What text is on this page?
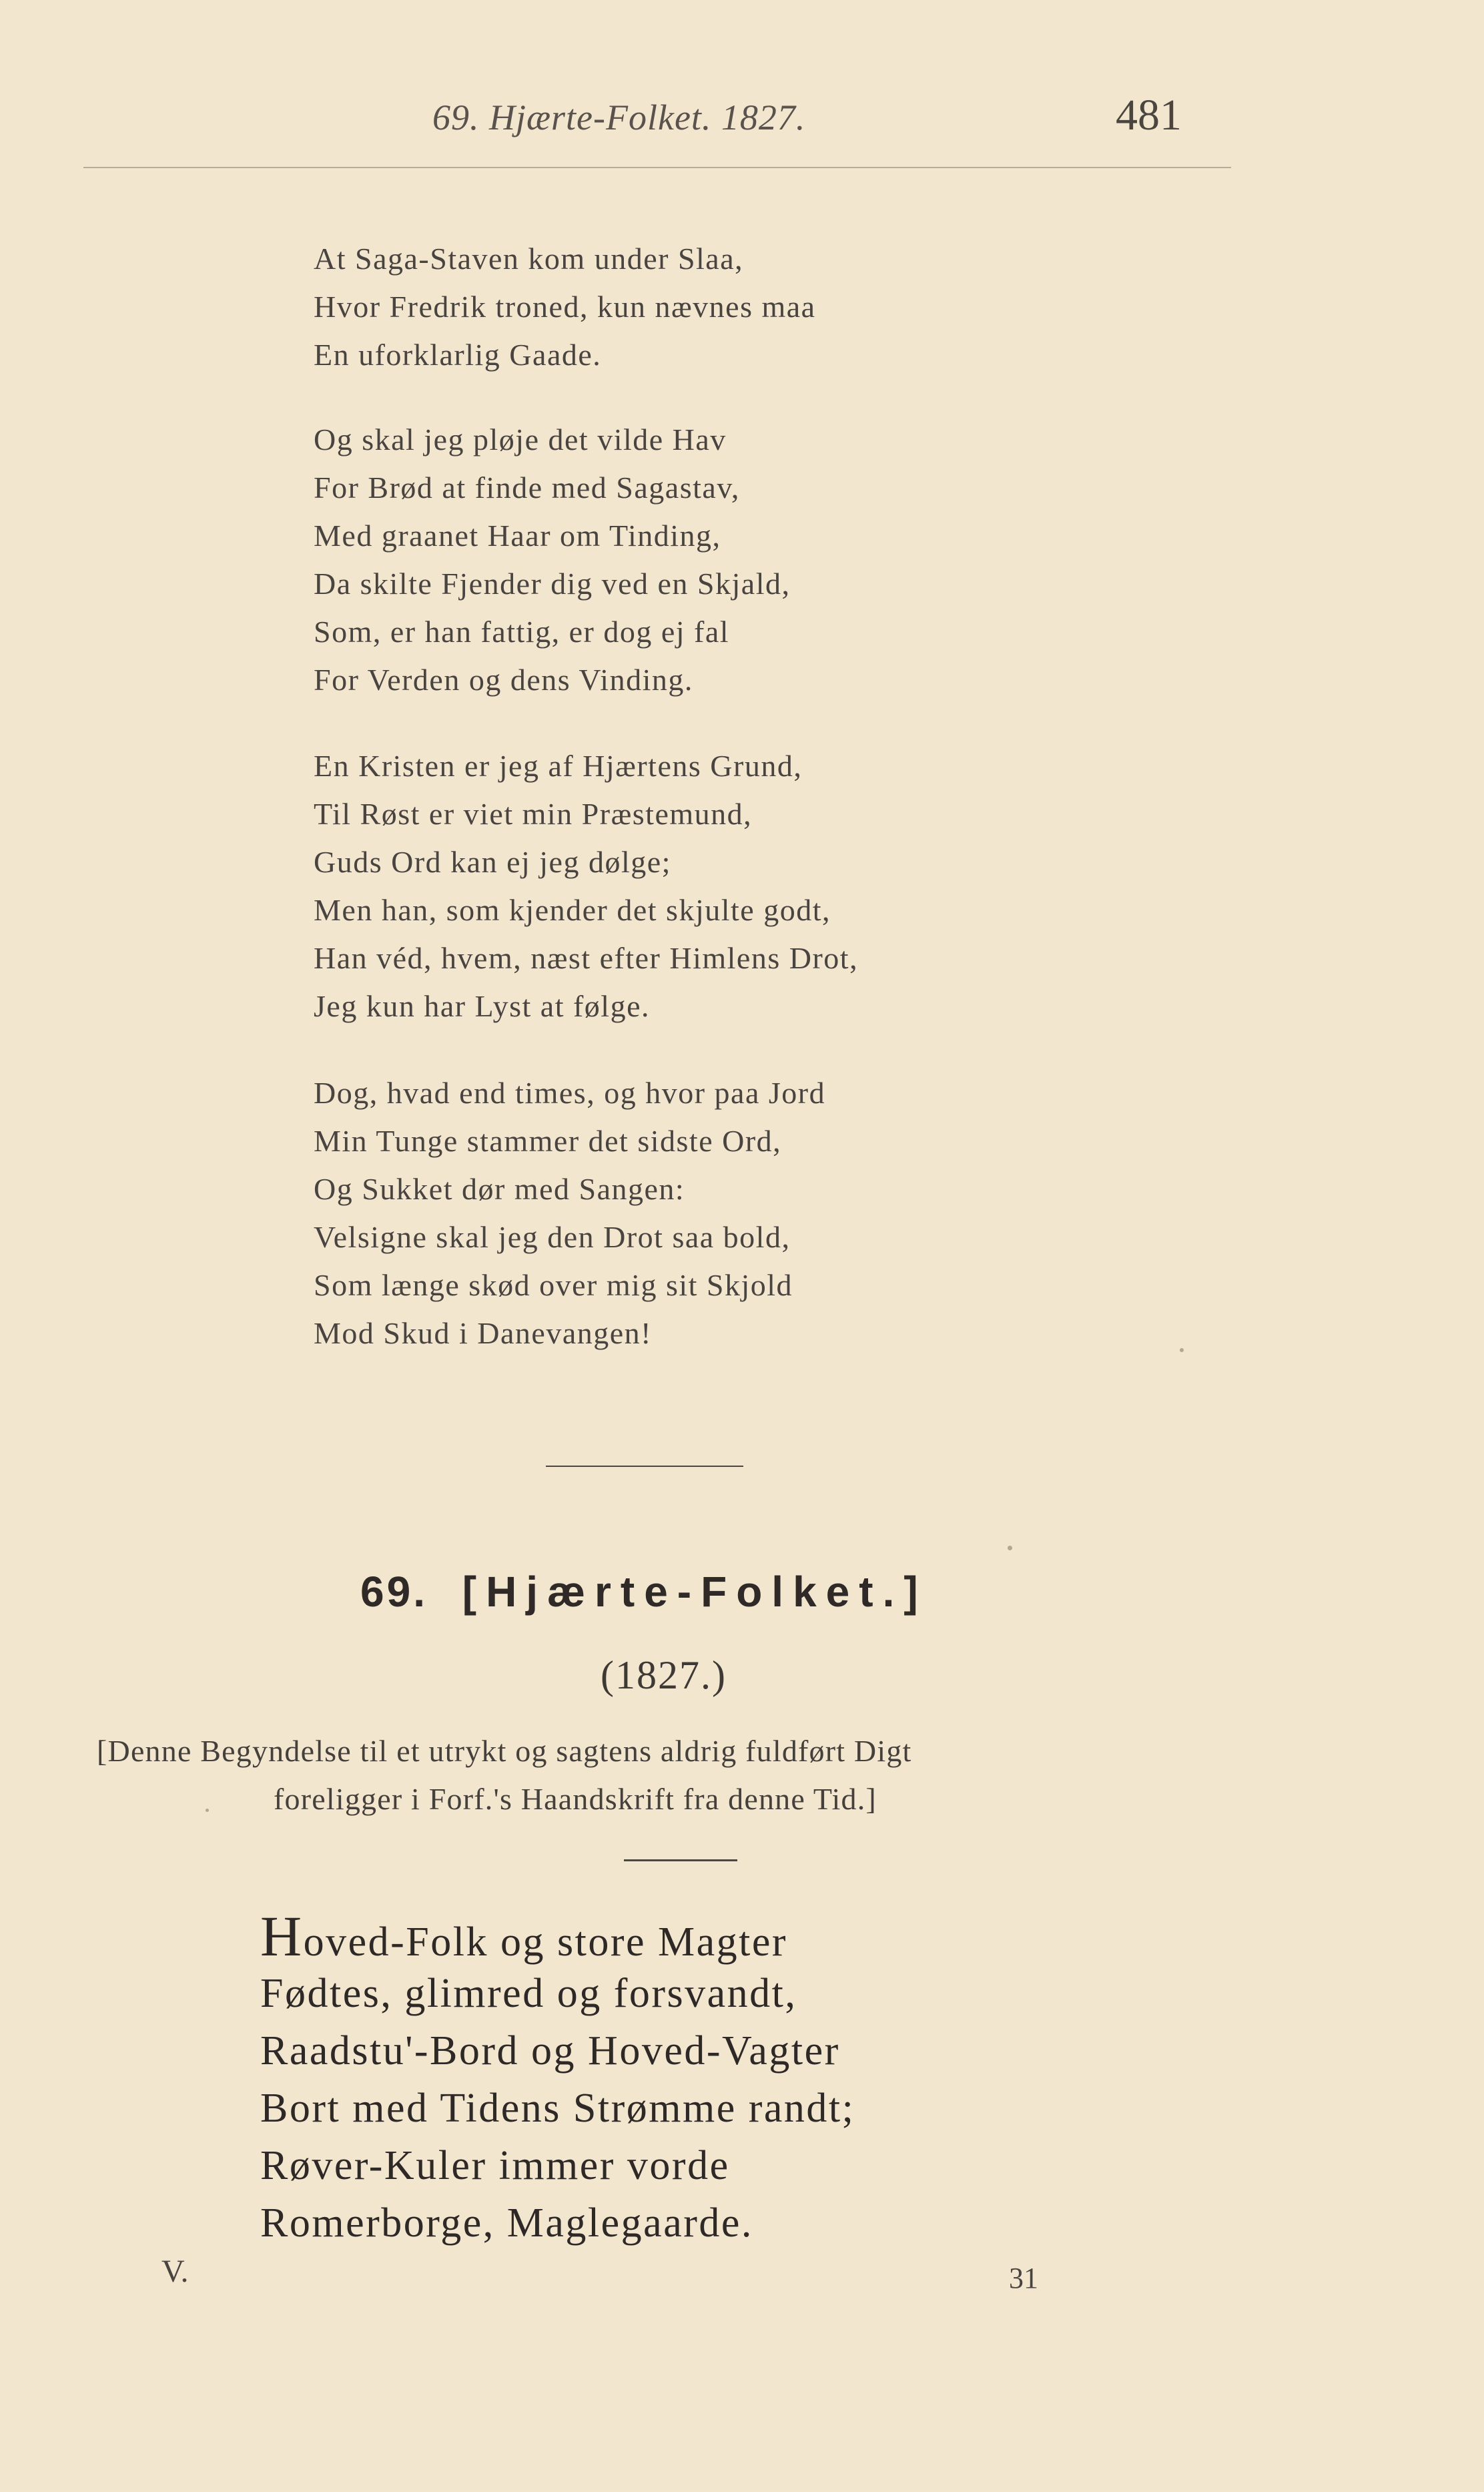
69. Hjærte-Folket. 1827.	481
At Saga-Staven kom under Slaa,
Hvor Fredrik troned, kun nævnes maa
En uforklarlig Gaade.
Og skal jeg pløje det vilde Hav
For Brød at finde med Sagastav,
Med graanet Haar om Tinding,
Da skilte Fjender dig ved en Skjald,
Som, er han fattig, er dog ej fal
For Verden og dens Vinding.
En Kristen er jeg af Hjærtens Grund,
Til Røst er viet min Præstemund,
Guds Ord kan ej jeg dølge;
Men han, som kjender det skjulte godt,
Han véd, hvem, næst efter Himlens Drot,
Jeg kun har Lyst at følge.
Dog, hvad end times, og hvor paa Jord
Min Tunge stammer det sidste Ord,
Og Sukket dør med Sangen:
Velsigne skal jeg den Drot saa bold,
Som længe skød over mig sit Skjold
Mod Skud i Danevangen!
69. [Hjærte-Folket.]
(1827.)
[Denne Begyndelse til et utrykt og sagtens aldrig fuldført Digt
foreligger i Forf.'s Haandskrift fra denne Tid.]
Hoved-Folk og store Magter
Fødtes, glimred og forsvandt,
Raadstu'-Bord og Hoved-Vagter
Bort med Tidens Strømme randt;
Røver-Kuler immer vorde
Romerborge, Maglegaarde.
V.	31
